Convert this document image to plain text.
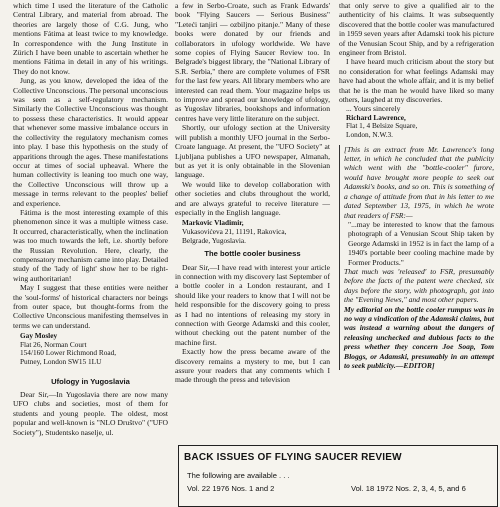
which time I used the literature of the Catholic Central Library, and material from abroad. The theories are largely those of C.G. Jung, who mentions Fátima at least twice to my knowledge. In correspondence with the Jung Institute in Zürich I have been unable to ascertain whether he mentions Fátima in detail in any of his writings. They do not know.

Jung, as you know, developed the idea of the Collective Unconscious. The personal unconscious was seen as a self-regulatory mechanism. Similarly the Collective Unconscious was thought to possess these characteristics. It would appear that whenever some massive imbalance occurs in the collectivity the regulatory mechanism comes into play. I base this hypothesis on the study of apparitions through the ages. These manifestations occur at times of social upheaval. Where the human collectivity is leaning too much one way, the Collective Unconscious will throw up a message in terms relevant to the peoples' belief and experience.

Fátima is the most interesting example of this phenomenon since it was a multiple witness case. It occurred, characteristically, when the inclination was too much towards the left, i.e. shortly before the Russian Revolution. Here, clearly, the compensatory mechanism came into play. Detailed study of the 'lady of light' show her to be right-wing authoritarian!

May I suggest that these entities were neither the 'soul-forms' of historical characters nor beings from outer space, but thought-forms from the Collective Unconscious manifesting themselves in terms we can understand.

Gay Mosley

Flat 26, Norman Court

154/160 Lower Richmond Road,

Putney, London SW15 1LU

Ufology in Yugoslavia

Dear Sir,—In Yugoslavia there are now many UFO clubs and societies, most of them for students and young people. The oldest, most popular and well-known is "NLO Društvo" ("UFO Society"), Studentsko naselje, ul.

a few in Serbo-Croate, such as Frank Edwards' book "Flying Saucers — Serious Business" "Leteći tanjiri — ozbiljno pitanje." Many of these books were donated by our friends and collaborators in ufology worldwide. We have some copies of Flying Saucer Review too. In Belgrade's biggest library, the "National Library of S.R. Serbia," there are complete volumes of FSR for the last few years. All library members who are interested can read them. Your magazine helps us to improve and spread our knowledge of ufology, as Yugoslav libraries, bookshops and information centres have very little literature on the subject.

Shortly, our ufology section at the University will publish a monthly UFO journal in the Serbo-Croate language. At present, the "UFO Society" at Ljubljana publishes a UFO newspaper, Almanah, but as yet it is only obtainable in the Slovenian language.

We would like to develop collaboration with other societies and clubs throughout the world, and are always grateful to receive literature — especially in the English language.

Markovic Vladimir,

Vukasovićeva 21, 11191, Rakovica,

Belgrade, Yugoslavia.

The bottle cooler business

Dear Sir,—I have read with interest your article in connection with my discovery last September of a bottle cooler in a London restaurant, and I should like your readers to know that I will not be held responsible for the discovery going to press as I had no intentions of releasing my story in connection with George Adamski and this cooler, without checking out the patent number of the machine first.

Exactly how the press became aware of the discovery remains a mystery to me, but I can assure your readers that any comments which I made through the press and television

that only serve to give a qualified air to the authenticity of his claims. It was subsequently discovered that the bottle cooler was manufactured in 1959 seven years after Adamski took his picture of the Venusian Scout Ship, and by a refrigeration engineer from Bristol.

I have heard much criticism about the story but no consideration for what feelings Adamski may have had about the whole affair, and it is my belief that he is the man he would have liked so many others, laughed at my discoveries.

... Yours sincerely

Richard Lawrence,

Flat 1, 4 Belsize Square,

London, N.W.3.

[This is an extract from Mr. Lawrence's long letter, in which he concluded that the publicity which went with the "bottle-cooler" furore, would have brought more people to seek out Adamski's books, and so on. This is something of a change of attitude from that in his letter to me dated September 13, 1975, in which he wrote that readers of FSR:—

"...may be interested to know that the famous photograph of a Venusian Scout Ship taken by George Adamski in 1952 is in fact the lamp of a 1940's portable beer cooling machine made by Former Products."

That much was 'released' to FSR, presumably before the facts of the patent were checked, six days before the story, with photograph, got into the "Evening News," and most other papers.

My editorial on the bottle cooler rumpus was in no way a vindication of the Adamski claims, but was instead a warning about the dangers of releasing unchecked and dubious facts to the press whether they concern Joe Soap, Tom Bloggs, or Adamski, presumably in an attempt to seek publicity.—EDITOR]

BACK ISSUES OF FLYING SAUCER REVIEW
The following are available . . .
Vol. 22 1976 Nos. 1 and 2	Vol. 18 1972 Nos. 2, 3, 4, 5, and 6
